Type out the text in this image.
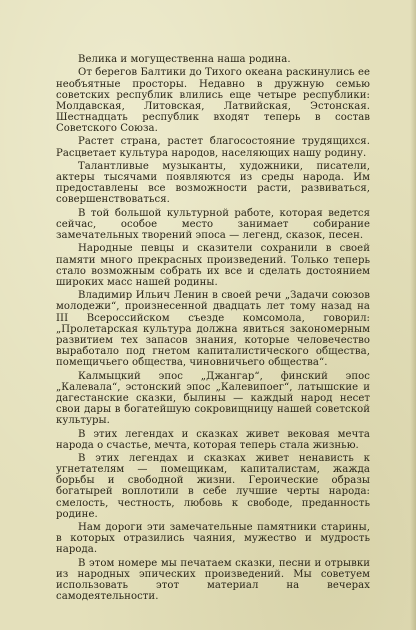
Велика и могущественна наша родина.

От берегов Балтики до Тихого океана раскинулись ее необъятные просторы. Недавно в дружную семью советских республик влились еще четыре республики: Молдавская, Литовская, Латвийская, Эстонская. Шестнадцать республик входят теперь в состав Советского Союза.

Растет страна, растет благосостояние трудящихся. Расцветает культура народов, населяющих нашу родину.

Талантливые музыканты, художники, писатели, актеры тысячами появляются из среды народа. Им предоставлены все возможности расти, развиваться, совершенствоваться.

В той большой культурной работе, которая ведется сейчас, особое место занимает собирание замечательных творений эпоса — легенд, сказок, песен.

Народные певцы и сказители сохранили в своей памяти много прекрасных произведений. Только теперь стало возможным собрать их все и сделать достоянием широких масс нашей родины.

Владимир Ильич Ленин в своей речи „Задачи союзов молодежи“, произнесенной двадцать лет тому назад на III Всероссийском съезде комсомола, говорил: „Пролетарская культура должна явиться закономерным развитием тех запасов знания, которые человечество выработало под гнетом капиталистического общества, помещичьего общества, чиновничьего общества“.

Калмыцкий эпос „Джангар“, финский эпос „Калевала“, эстонский эпос „Калевипоег“, латышские и дагестанские сказки, былины — каждый народ несет свои дары в богатейшую сокровищницу нашей советской культуры.

В этих легендах и сказках живет вековая мечта народа о счастье, мечта, которая теперь стала жизнью.

В этих легендах и сказках живет ненависть к угнетателям — помещикам, капиталистам, жажда борьбы и свободной жизни. Героические образы богатырей воплотили в себе лучшие черты народа: смелость, честность, любовь к свободе, преданность родине.

Нам дороги эти замечательные памятники старины, в которых отразились чаяния, мужество и мудрость народа.

В этом номере мы печатаем сказки, песни и отрывки из народных эпических произведений. Мы советуем использовать этот материал на вечерах самодеятельности.
